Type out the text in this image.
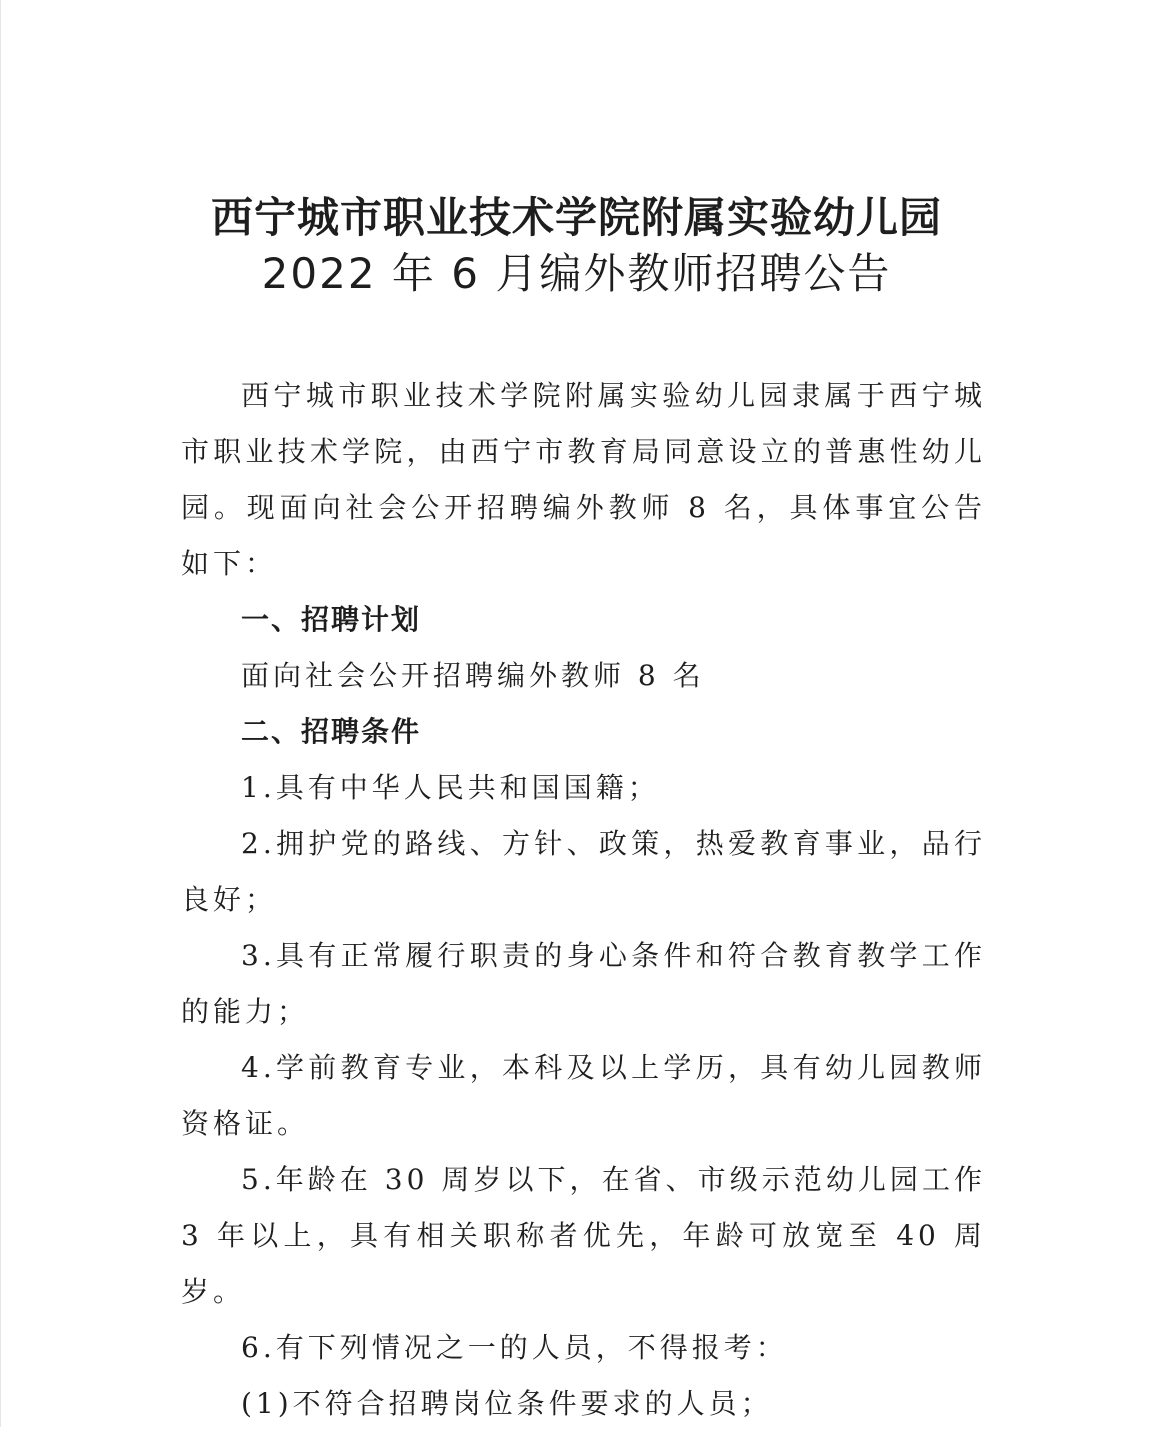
西宁城市职业技术学院附属实验幼儿园
2022 年 6 月编外教师招聘公告

西宁城市职业技术学院附属实验幼儿园隶属于西宁城市职业技术学院，由西宁市教育局同意设立的普惠性幼儿园。现面向社会公开招聘编外教师 8 名，具体事宜公告如下：

一、招聘计划

面向社会公开招聘编外教师 8 名

二、招聘条件

1.具有中华人民共和国国籍；

2.拥护党的路线、方针、政策，热爱教育事业，品行良好；

3.具有正常履行职责的身心条件和符合教育教学工作的能力；

4.学前教育专业，本科及以上学历，具有幼儿园教师资格证。

5.年龄在 30 周岁以下，在省、市级示范幼儿园工作 3 年以上，具有相关职称者优先，年龄可放宽至 40 周岁。

6.有下列情况之一的人员，不得报考：

(1)不符合招聘岗位条件要求的人员；
